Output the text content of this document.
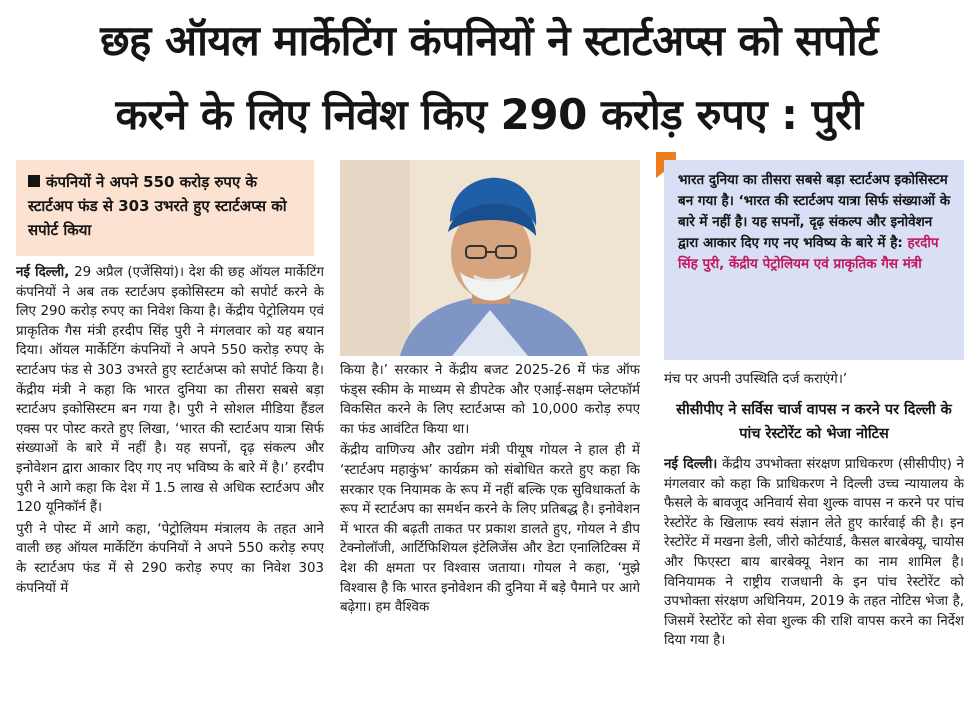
छह ऑयल मार्केटिंग कंपनियों ने स्टार्टअप्स को सपोर्ट
करने के लिए निवेश किए 290 करोड़ रुपए : पुरी
कंपनियों ने अपने 550 करोड़ रुपए के स्टार्टअप फंड से 303 उभरते हुए स्टार्टअप्स को सपोर्ट किया

नई दिल्ली, 29 अप्रैल (एजेंसियां)। देश की छह ऑयल मार्केटिंग कंपनियों ने अब तक स्टार्टअप इकोसिस्टम को सपोर्ट करने के लिए 290 करोड़ रुपए का निवेश किया है। केंद्रीय पेट्रोलियम एवं प्राकृतिक गैस मंत्री हरदीप सिंह पुरी ने मंगलवार को यह बयान दिया। ऑयल मार्केटिंग कंपनियों ने अपने 550 करोड़ रुपए के स्टार्टअप फंड से 303 उभरते हुए स्टार्टअप्स को सपोर्ट किया है। केंद्रीय मंत्री ने कहा कि भारत दुनिया का तीसरा सबसे बड़ा स्टार्टअप इकोसिस्टम बन गया है। पुरी ने सोशल मीडिया हैंडल एक्स पर पोस्ट करते हुए लिखा, ‘भारत की स्टार्टअप यात्रा सिर्फ संख्याओं के बारे में नहीं है। यह सपनों, दृढ़ संकल्प और इनोवेशन द्वारा आकार दिए गए नए भविष्य के बारे में है।’ हरदीप पुरी ने आगे कहा कि देश में 1.5 लाख से अधिक स्टार्टअप और 120 यूनिकॉर्न हैं।

पुरी ने पोस्ट में आगे कहा, ‘पेट्रोलियम मंत्रालय के तहत आने वाली छह ऑयल मार्केटिंग कंपनियों ने अपने 550 करोड़ रुपए के स्टार्टअप फंड में से 290 करोड़ रुपए का निवेश 303 कंपनियों में

किया है।’ सरकार ने केंद्रीय बजट 2025-26 में फंड ऑफ फंड्स स्कीम के माध्यम से डीपटेक और एआई-सक्षम प्लेटफॉर्म विकसित करने के लिए स्टार्टअप्स को 10,000 करोड़ रुपए का फंड आवंटित किया था।

केंद्रीय वाणिज्य और उद्योग मंत्री पीयूष गोयल ने हाल ही में ‘स्टार्टअप महाकुंभ’ कार्यक्रम को संबोधित करते हुए कहा कि सरकार एक नियामक के रूप में नहीं बल्कि एक सुविधाकर्ता के रूप में स्टार्टअप का समर्थन करने के लिए प्रतिबद्ध है। इनोवेशन में भारत की बढ़ती ताकत पर प्रकाश डालते हुए, गोयल ने डीप टेक्नोलॉजी, आर्टिफिशियल इंटेलिजेंस और डेटा एनालिटिक्स में देश की क्षमता पर विश्वास जताया। गोयल ने कहा, ‘मुझे विश्वास है कि भारत इनोवेशन की दुनिया में बड़े पैमाने पर आगे बढ़ेगा। हम वैश्विक

भारत दुनिया का तीसरा सबसे बड़ा स्टार्टअप इकोसिस्टम बन गया है। ‘भारत की स्टार्टअप यात्रा सिर्फ संख्याओं के बारे में नहीं है। यह सपनों, दृढ़ संकल्प और इनोवेशन द्वारा आकार दिए गए नए भविष्य के बारे में है: हरदीप सिंह पुरी, केंद्रीय पेट्रोलियम एवं प्राकृतिक गैस मंत्री

मंच पर अपनी उपस्थिति दर्ज कराएंगे।’

सीसीपीए ने सर्विस चार्ज वापस न करने पर दिल्ली के पांच रेस्टोरेंट को भेजा नोटिस

नई दिल्ली। केंद्रीय उपभोक्ता संरक्षण प्राधिकरण (सीसीपीए) ने मंगलवार को कहा कि प्राधिकरण ने दिल्ली उच्च न्यायालय के फैसले के बावजूद अनिवार्य सेवा शुल्क वापस न करने पर पांच रेस्टोरेंट के खिलाफ स्वयं संज्ञान लेते हुए कार्रवाई की है। इन रेस्टोरेंट में मखना डेली, जीरो कोर्टयार्ड, कैसल बारबेक्यू, चायोस और फिएस्टा बाय बारबेक्यू नेशन का नाम शामिल है। विनियामक ने राष्ट्रीय राजधानी के इन पांच रेस्टोरेंट को उपभोक्ता संरक्षण अधिनियम, 2019 के तहत नोटिस भेजा है, जिसमें रेस्टोरेंट को सेवा शुल्क की राशि वापस करने का निर्देश दिया गया है।
